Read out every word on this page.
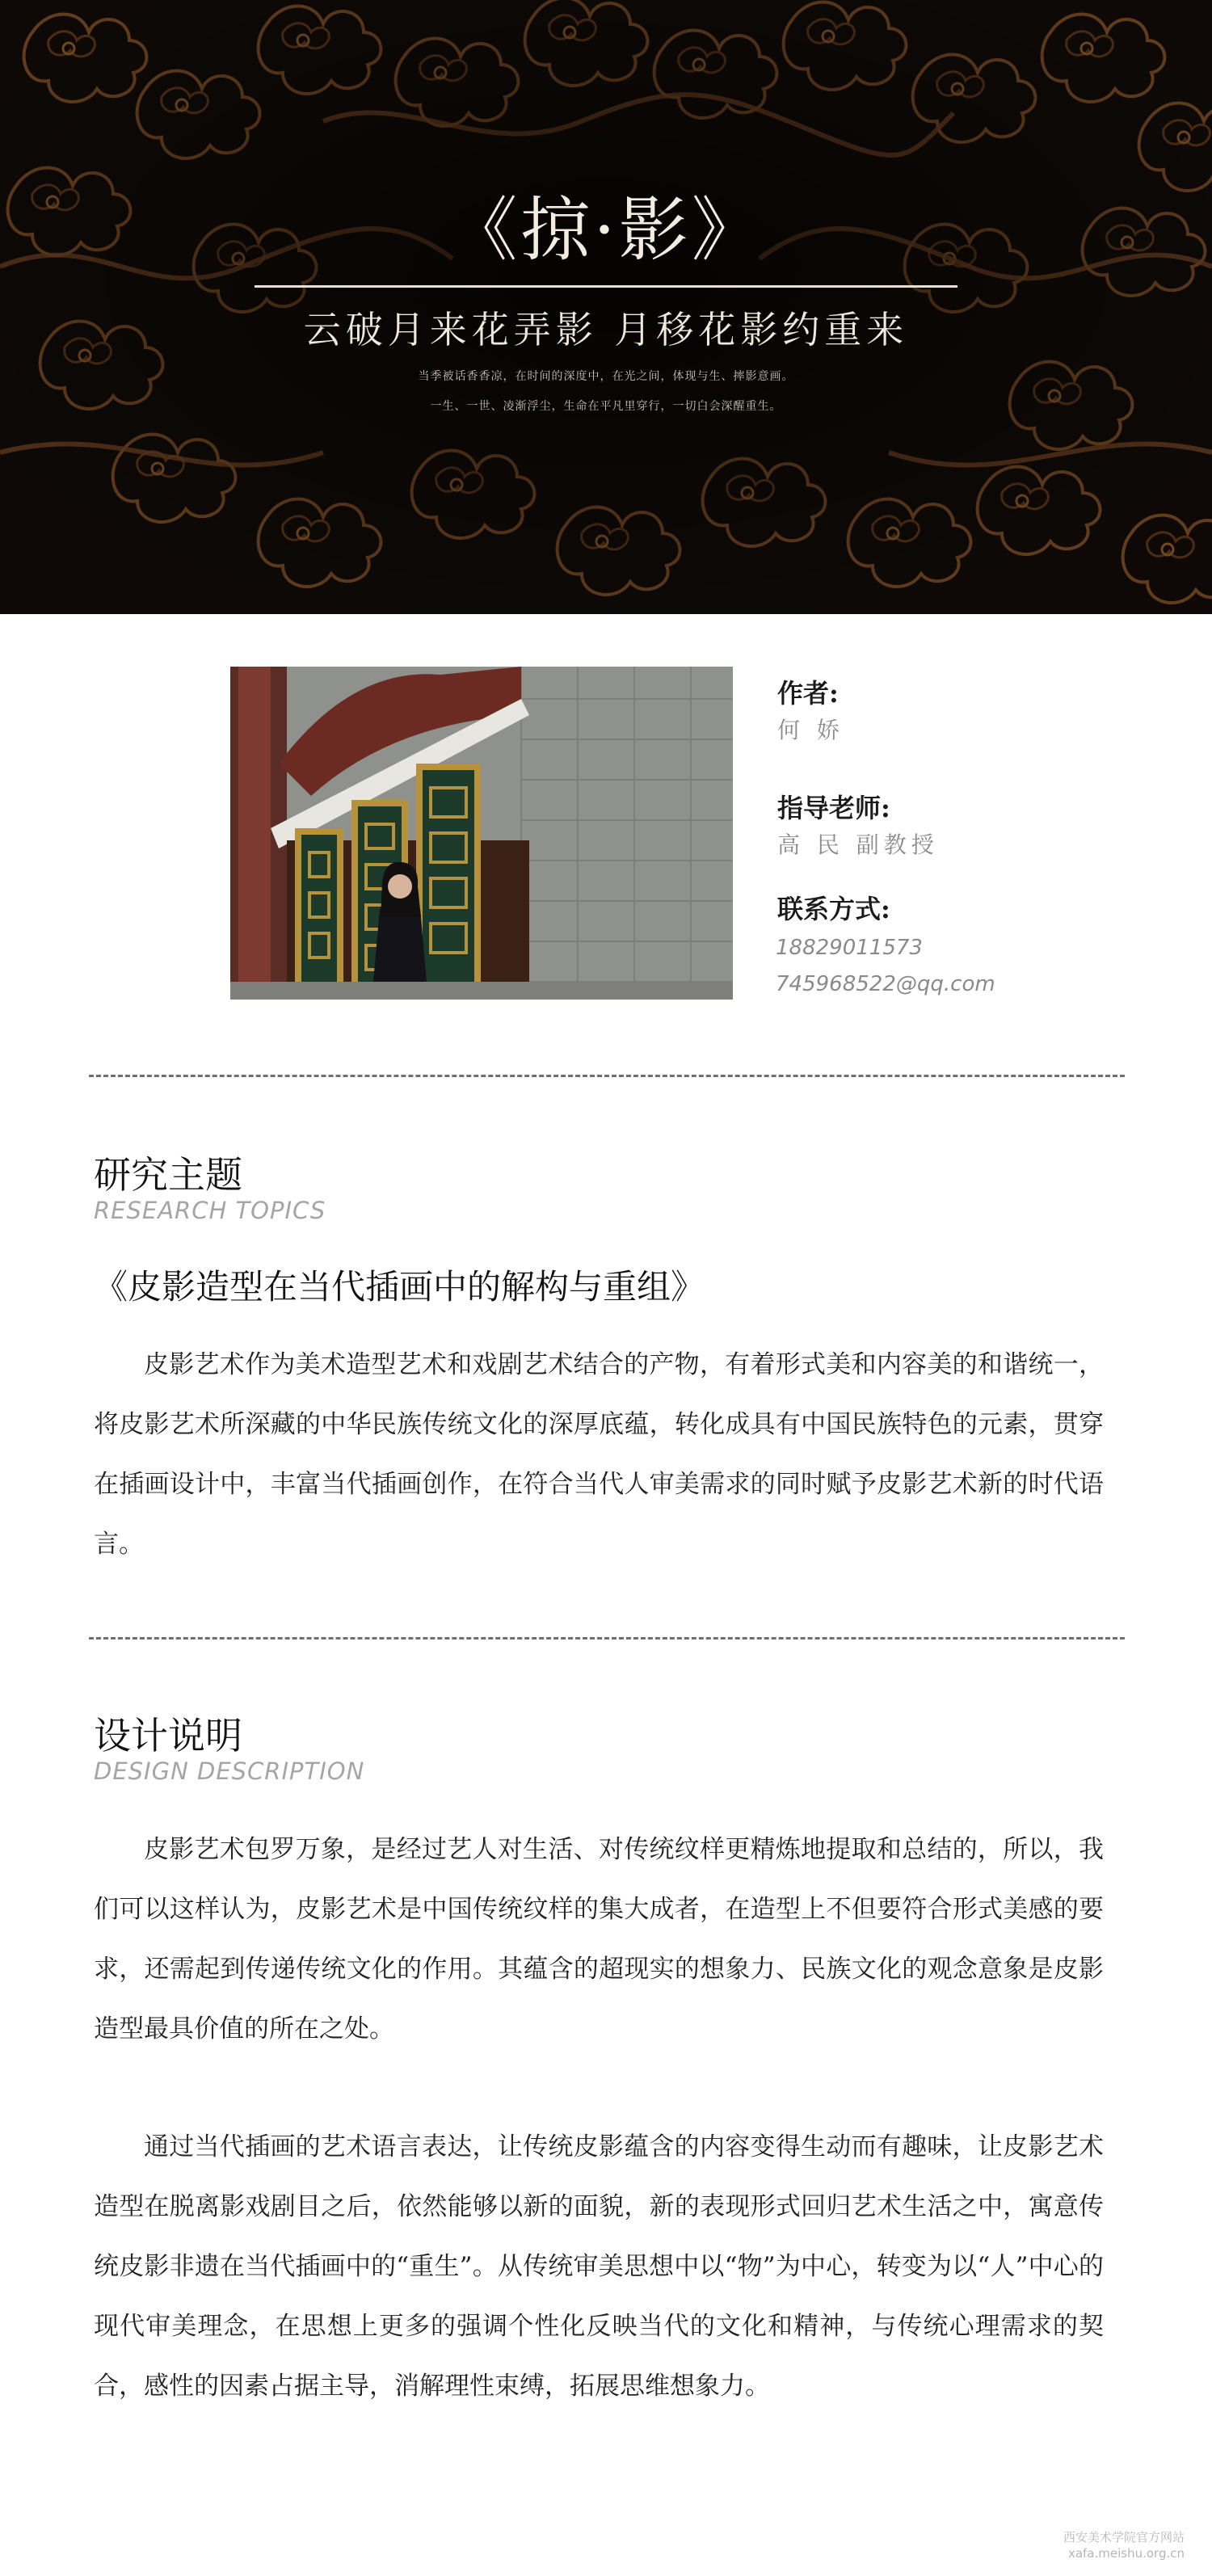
《掠·影》
云破月来花弄影 月移花影约重来
当季被话香香凉，在时间的深度中，在光之间，体现与生、摔影意画。
一生、一世、凌渐浮尘，生命在平凡里穿行，一切白会深醒重生。
作者:
何 娇
指导老师:
高 民 副教授
联系方式:
18829011573
745968522@qq.com
研究主题
RESEARCH TOPICS
《皮影造型在当代插画中的解构与重组》

皮影艺术作为美术造型艺术和戏剧艺术结合的产物，有着形式美和内容美的和谐统一，将皮影艺术所深藏的中华民族传统文化的深厚底蕴，转化成具有中国民族特色的元素，贯穿在插画设计中，丰富当代插画创作，在符合当代人审美需求的同时赋予皮影艺术新的时代语言。

设计说明
DESIGN DESCRIPTION

皮影艺术包罗万象，是经过艺人对生活、对传统纹样更精炼地提取和总结的，所以，我们可以这样认为，皮影艺术是中国传统纹样的集大成者，在造型上不但要符合形式美感的要求，还需起到传递传统文化的作用。其蕴含的超现实的想象力、民族文化的观念意象是皮影造型最具价值的所在之处。

通过当代插画的艺术语言表达，让传统皮影蕴含的内容变得生动而有趣味，让皮影艺术造型在脱离影戏剧目之后，依然能够以新的面貌，新的表现形式回归艺术生活之中，寓意传统皮影非遗在当代插画中的“重生”。从传统审美思想中以“物”为中心，转变为以“人”中心的现代审美理念，在思想上更多的强调个性化反映当代的文化和精神，与传统心理需求的契合，感性的因素占据主导，消解理性束缚，拓展思维想象力。

西安美术学院官方网站
xafa.meishu.org.cn
